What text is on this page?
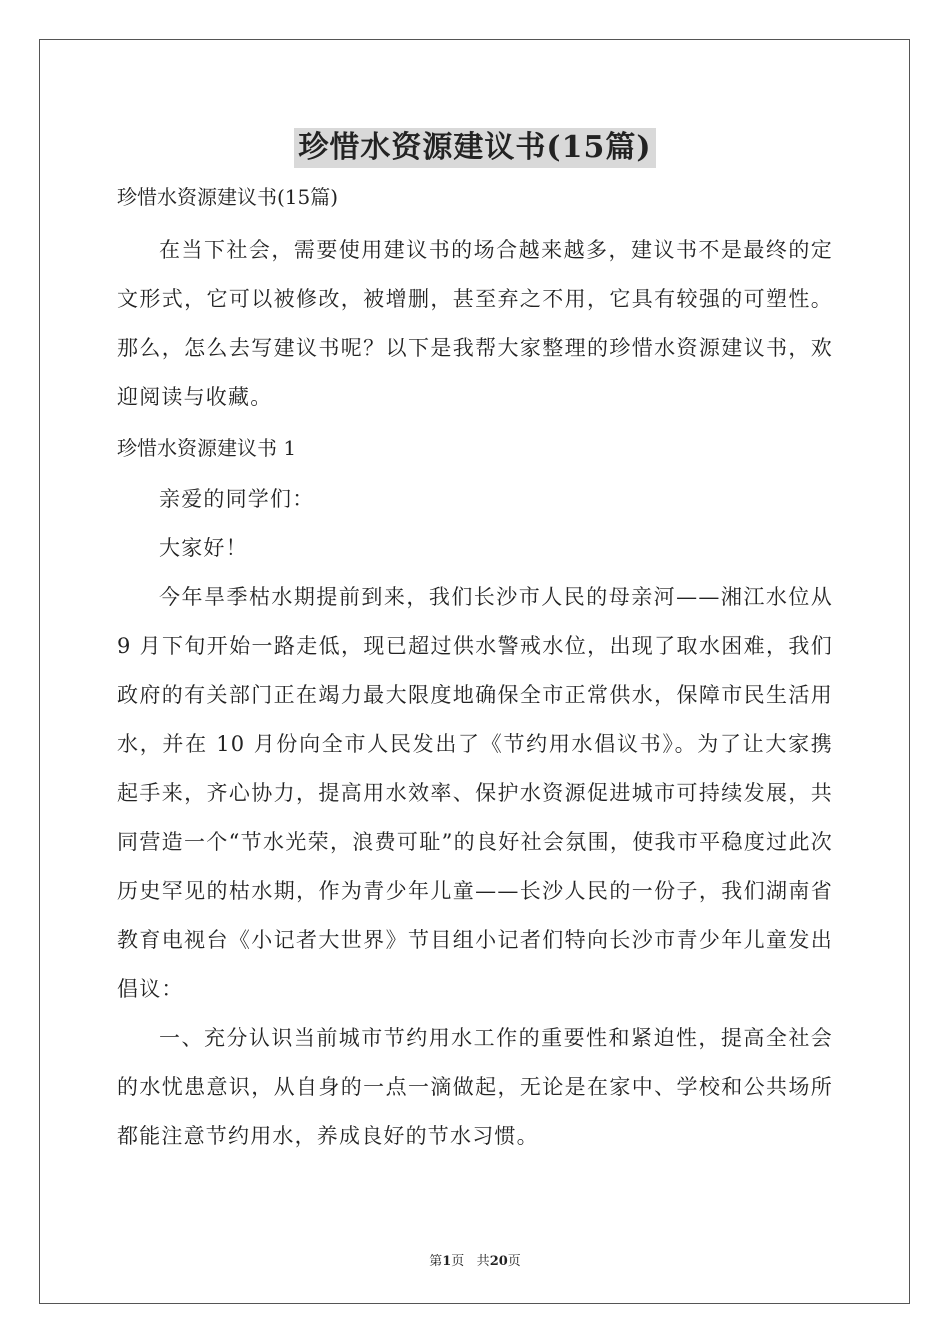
珍惜水资源建议书(15篇)

珍惜水资源建议书(15篇)

在当下社会，需要使用建议书的场合越来越多，建议书不是最终的定文形式，它可以被修改，被增删，甚至弃之不用，它具有较强的可塑性。那么，怎么去写建议书呢？以下是我帮大家整理的珍惜水资源建议书，欢迎阅读与收藏。

珍惜水资源建议书 1

亲爱的同学们：

大家好！

今年旱季枯水期提前到来，我们长沙市人民的母亲河——湘江水位从 9 月下旬开始一路走低，现已超过供水警戒水位，出现了取水困难，我们政府的有关部门正在竭力最大限度地确保全市正常供水，保障市民生活用水，并在 10 月份向全市人民发出了《节约用水倡议书》。为了让大家携起手来，齐心协力，提高用水效率、保护水资源促进城市可持续发展，共同营造一个“节水光荣，浪费可耻”的良好社会氛围，使我市平稳度过此次历史罕见的枯水期，作为青少年儿童——长沙人民的一份子，我们湖南省教育电视台《小记者大世界》节目组小记者们特向长沙市青少年儿童发出倡议：

一、充分认识当前城市节约用水工作的重要性和紧迫性，提高全社会的水忧患意识，从自身的一点一滴做起，无论是在家中、学校和公共场所都能注意节约用水，养成良好的节水习惯。

第1页 共20页
